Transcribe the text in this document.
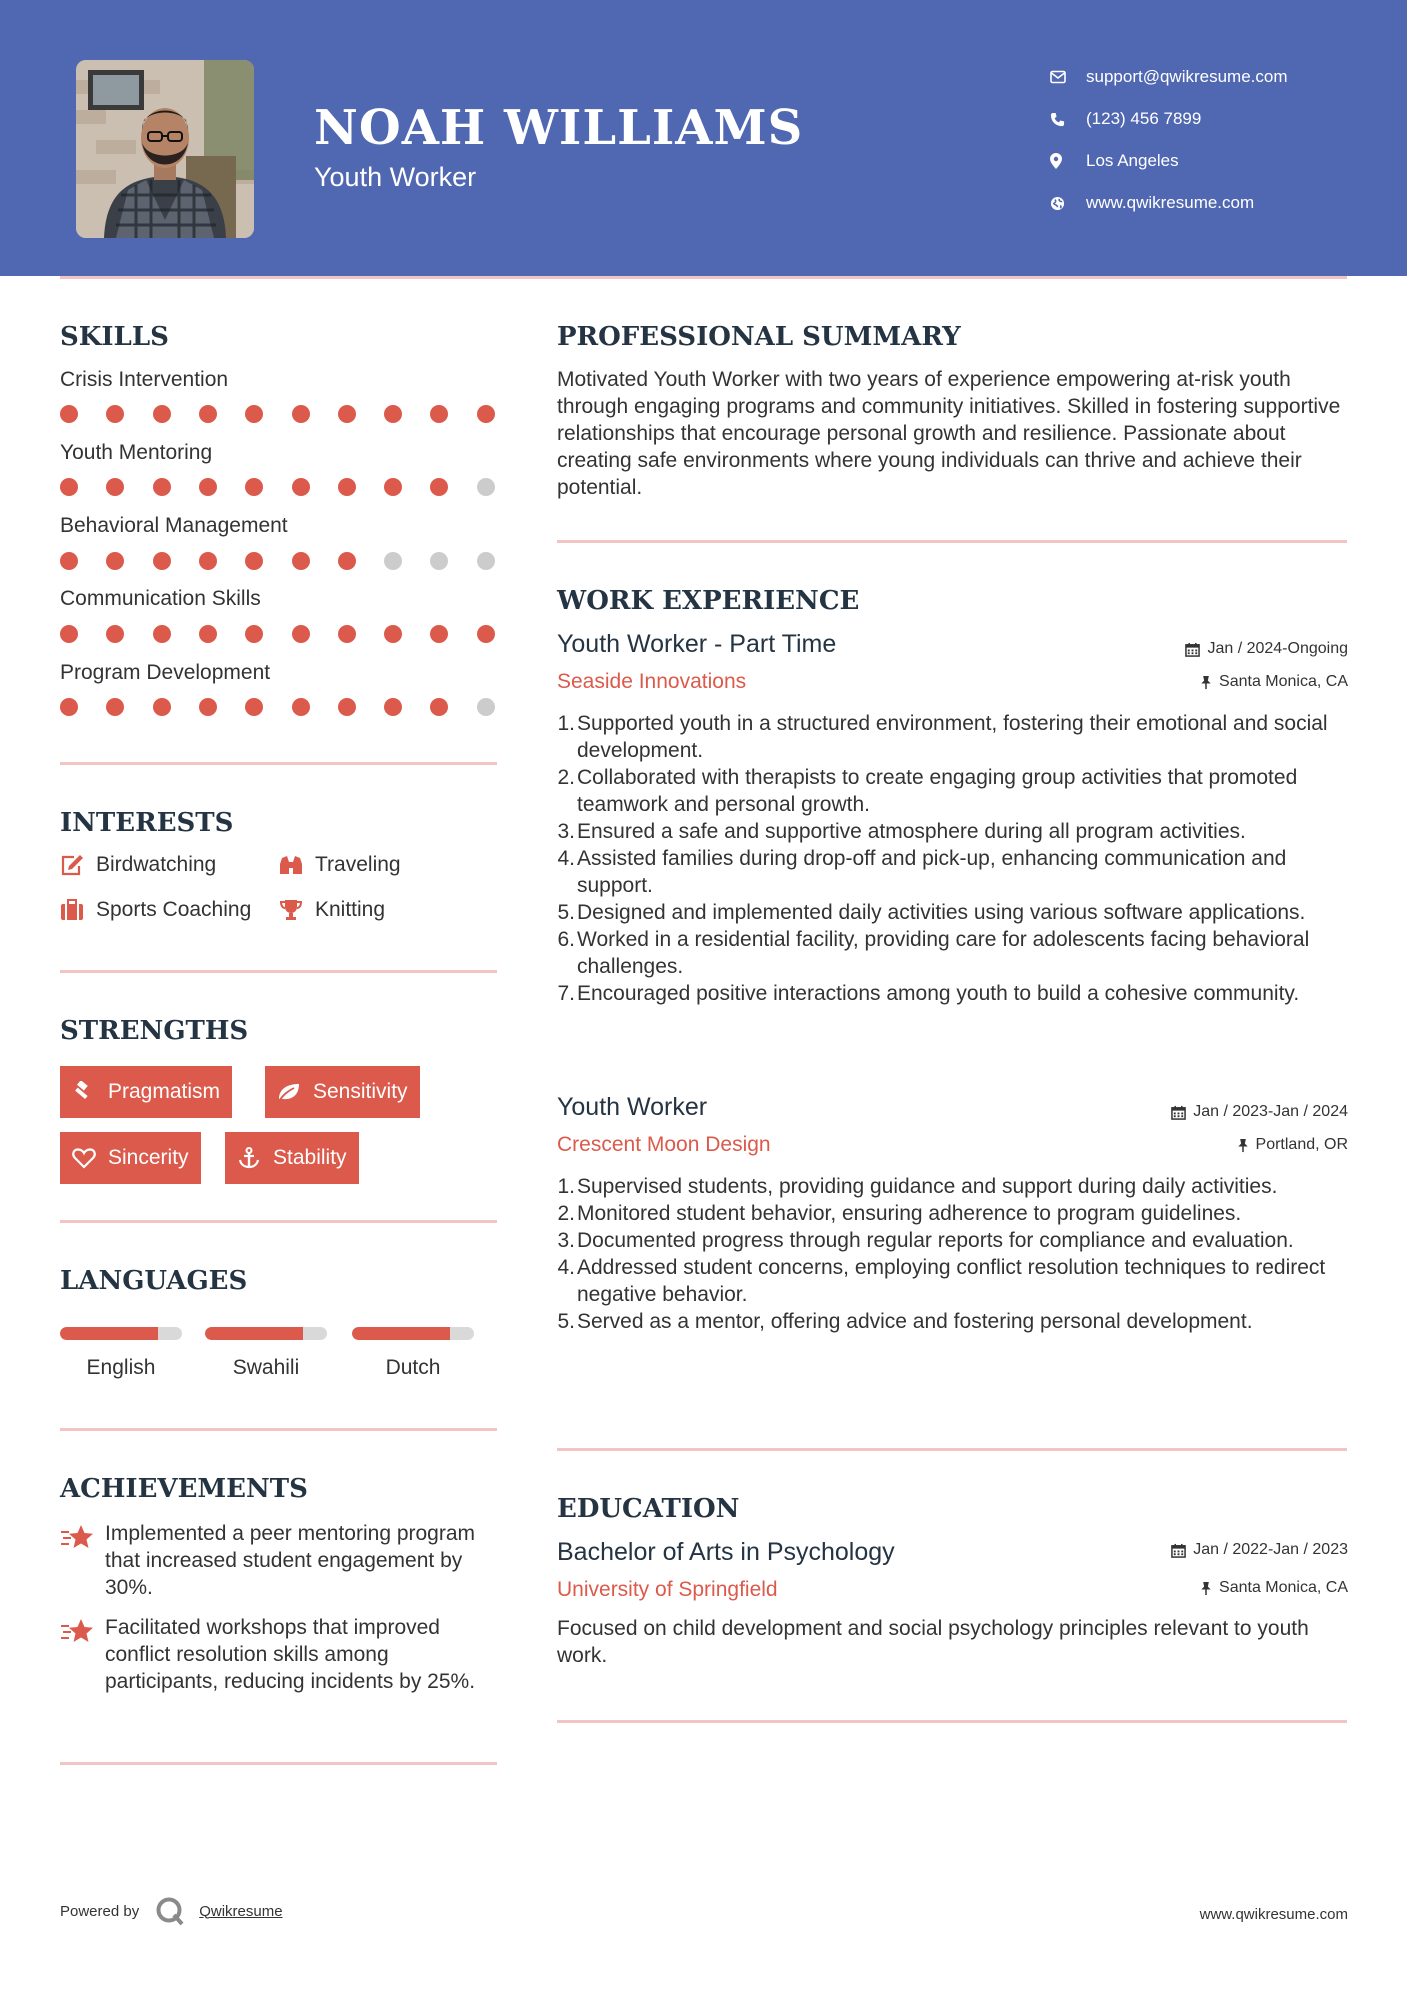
NOAH WILLIAMS
Youth Worker
support@qwikresume.com
(123) 456 7899
Los Angeles
www.qwikresume.com
SKILLS
Crisis Intervention
Youth Mentoring
Behavioral Management
Communication Skills
Program Development
INTERESTS
Birdwatching	Traveling
Sports Coaching	Knitting
STRENGTHS
Pragmatism	Sensitivity
Sincerity	Stability
LANGUAGES
English	Swahili	Dutch
ACHIEVEMENTS
Implemented a peer mentoring program that increased student engagement by 30%.
Facilitated workshops that improved conflict resolution skills among participants, reducing incidents by 25%.
PROFESSIONAL SUMMARY
Motivated Youth Worker with two years of experience empowering at-risk youth through engaging programs and community initiatives. Skilled in fostering supportive relationships that encourage personal growth and resilience. Passionate about creating safe environments where young individuals can thrive and achieve their potential.
WORK EXPERIENCE
Youth Worker - Part Time	Jan / 2024-Ongoing
Seaside Innovations	Santa Monica, CA
1. Supported youth in a structured environment, fostering their emotional and social development.
2. Collaborated with therapists to create engaging group activities that promoted teamwork and personal growth.
3. Ensured a safe and supportive atmosphere during all program activities.
4. Assisted families during drop-off and pick-up, enhancing communication and support.
5. Designed and implemented daily activities using various software applications.
6. Worked in a residential facility, providing care for adolescents facing behavioral challenges.
7. Encouraged positive interactions among youth to build a cohesive community.
Youth Worker	Jan / 2023-Jan / 2024
Crescent Moon Design	Portland, OR
1. Supervised students, providing guidance and support during daily activities.
2. Monitored student behavior, ensuring adherence to program guidelines.
3. Documented progress through regular reports for compliance and evaluation.
4. Addressed student concerns, employing conflict resolution techniques to redirect negative behavior.
5. Served as a mentor, offering advice and fostering personal development.
EDUCATION
Bachelor of Arts in Psychology	Jan / 2022-Jan / 2023
University of Springfield	Santa Monica, CA
Focused on child development and social psychology principles relevant to youth work.
Powered by	Qwikresume	www.qwikresume.com
